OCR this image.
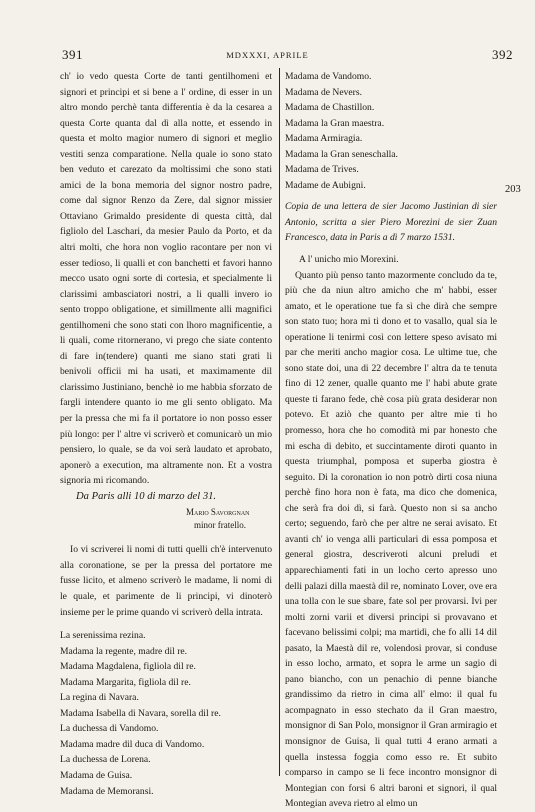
391	MDXXXI, APRILE	392

ch' io vedo questa Corte de tanti gentilhomeni et signori et principi et si bene a l' ordine, di esser in un altro mondo perchè tanta differentia è da la cesarea a questa Corte quanta dal dì alla notte, et essendo in questa et molto magior numero di signori et meglio vestiti senza comparatione. Nella quale io sono stato ben veduto et carezato da moltissimi che sono stati amici de la bona memoria del signor nostro padre, come dal signor Renzo da Zere, dal signor missier Ottaviano Grimaldo presidente di questa città, dal figliolo del Laschari, da mesier Paulo da Porto, et da altri molti, che hora non voglio racontare per non vi esser tedioso, li qualli et con banchetti et favori hanno mecco usato ogni sorte di cortesia, et specialmente li clarissimi ambasciatori nostri, a li qualli invero io sento troppo obligatione, et simillmente alli magnifici gentilhomeni che sono stati con lhoro magnificentie, a li quali, come ritornerano, vi prego che siate contento di fare in(tendere) quanti me siano stati grati li benivoli officii mi ha usati, et maximamente dil clarissimo Justiniano, benchè io me habbia sforzato de fargli intendere quanto io me gli sento obligato. Ma per la pressa che mi fa il portatore io non posso esser più longo: per l' altre vi scriverò et comunicarò un mio pensiero, lo quale, se da voi serà laudato et aprobato, aponerò a execution, ma altramente non. Et a vostra signoria mi ricomando.

Da Paris alli 10 di marzo del 31.

Mario Savorgnan
minor fratello.

Io vi scriverei li nomi di tutti quelli ch'è intervenuto alla coronatione, se per la pressa del portatore me fusse licito, et almeno scriverò le madame, li nomi di le quale, et parimente de li principi, vi dinoterò insieme per le prime quando vi scriverò della intrata.

La serenissima rezina.
Madama la regente, madre dil re.
Madama Magdalena, figliola dil re.
Madama Margarita, figliola dil re.
La regina di Navara.
Madama Isabella di Navara, sorella dil re.
La duchessa di Vandomo.
Madama madre dil duca di Vandomo.
La duchessa de Lorena.
Madama de Guisa.
Madama de Memoransi.
Madama de Vandomo.
Madama de Nevers.
Madama de Chastillon.
Madama la Gran maestra.
Madama Armiragia.
Madama la Gran seneschalla.
Madama de Trives.
Madame de Aubigni.

Copia de una lettera de sier Jacomo Justinian di sier Antonio, scritta a sier Piero Morezini de sier Zuan Francesco, data in Paris a dì 7 marzo 1531.

A l' unicho mio Morexini.

Quanto più penso tanto mazormente concludo da te, più che da niun altro amicho che m' habbi, esser amato, et le operatione tue fa sì che dirà che sempre son stato tuo; hora mi ti dono et to vasallo, qual sia le operatione li tenirmi così con lettere speso avisato mi par che meriti ancho magior cosa. Le ultime tue, che sono state doi, una di 22 decembre l' altra da te tenuta fino di 12 zener, qualle quanto me l' habi abute grate queste ti farano fede, chè cosa più grata desiderar non potevo. Et aziò che quanto per altre mie ti ho promesso, hora che ho comodità mi par honesto che mi escha di debito, et succintamente diroti quanto in questa triumphal, pomposa et superba giostra è seguito. Di la coronation io non potrò dirti cosa niuna perchè fino hora non è fata, ma dico che domenica, che serà fra doi dì, si farà. Questo non si sa ancho certo; seguendo, farò che per altre ne serai avisato. Et avanti ch' io venga alli particulari di essa pomposa et general giostra, descriveroti alcuni preludi et apparechiamenti fati in un locho certo apresso uno delli palazi dilla maestà dil re, nominato Lover, ove era una tolla con le sue sbare, fate sol per provarsi. Ivi per molti zorni varii et diversi principi si provavano et facevano belissimi colpi; ma martidì, che fo alli 14 dil pasato, la Maestà dil re, volendosi provar, si conduse in esso locho, armato, et sopra le arme un sagio di pano biancho, con un penachio di penne bianche grandissimo da rietro in cima all' elmo: il qual fu acompagnato in esso stechato da il Gran maestro, monsignor di San Polo, monsignor il Gran armiragio et monsignor de Guisa, li qual tutti 4 erano armati a quella instessa foggia como esso re. Et subito comparso in campo se li fece incontro monsignor di Montegian con forsi 6 altri baroni et signori, il qual Montegian aveva rietro al elmo un

203
